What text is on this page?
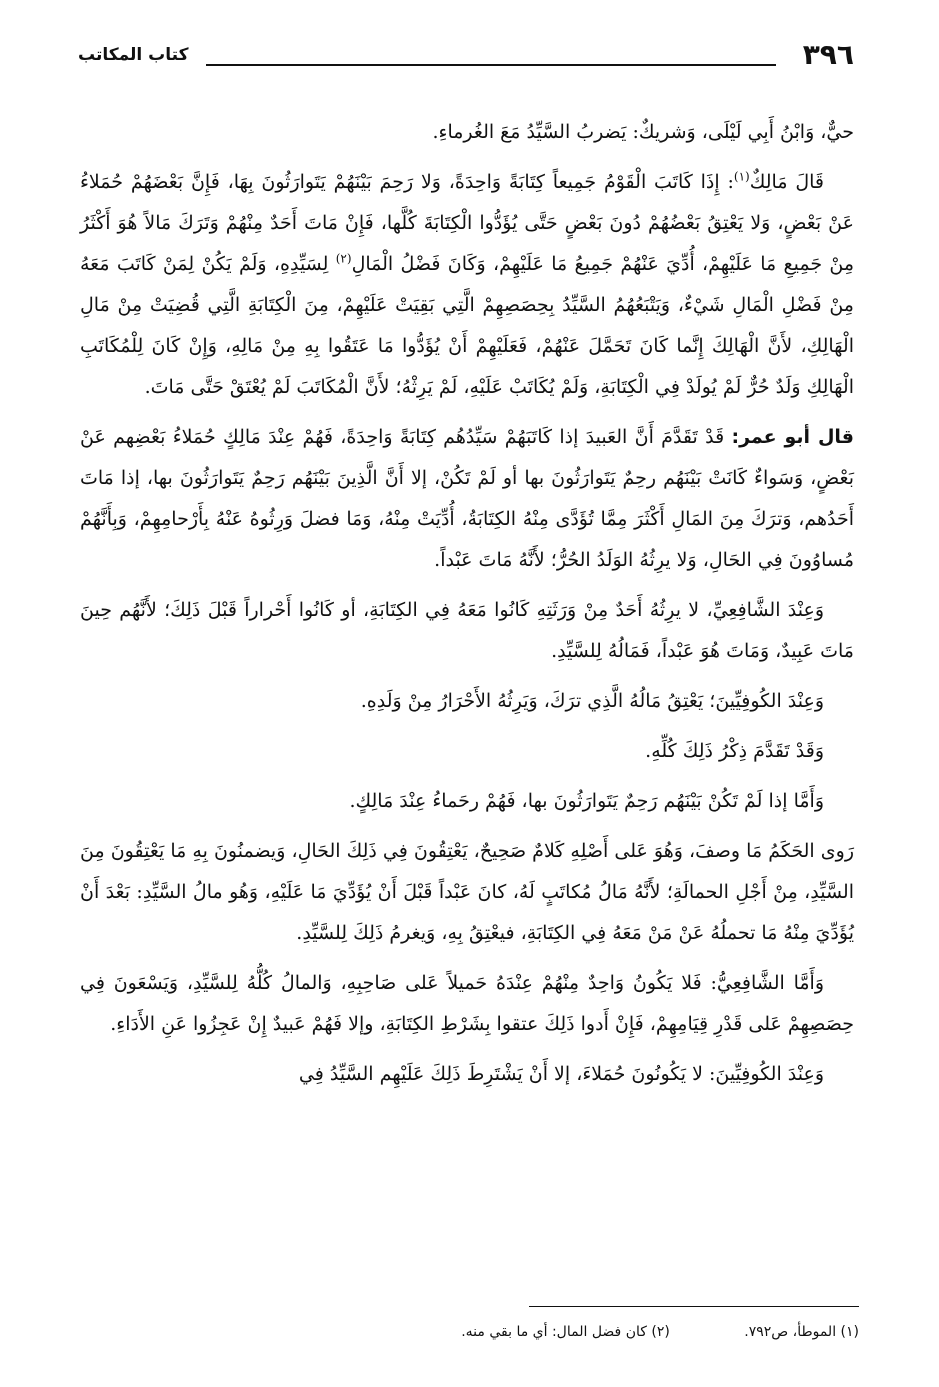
٣٩٦
كتاب المكاتب

حيٌّ، وَابْنُ أَبِي لَيْلَى، وَشريكٌ: يَضربُ السَّيِّدُ مَعَ الغُرماءِ.

قَالَ مَالِكٌ$^{(١)}$: إِذَا كَاتَبَ الْقَوْمُ جَمِيعاً كِتَابَةً وَاحِدَةً، وَلا رَحِمَ بَيْنَهُمْ يَتَوارَثُونَ بِهَا، فَإِنَّ بَعْضَهُمْ حُمَلاءُ عَنْ بَعْضٍ، وَلا يَعْتِقُ بَعْضُهُمْ دُونَ بَعْضٍ حَتَّى يُؤَدُّوا الْكِتَابَةَ كُلَّها، فَإِنْ مَاتَ أَحَدٌ مِنْهُمْ وَتَرَكَ مَالاً هُوَ أَكْثَرُ مِنْ جَمِيعِ مَا عَلَيْهِمْ، أُدِّيَ عَنْهُمْ جَمِيعُ مَا عَلَيْهِمْ، وَكَانَ فَضْلُ الْمَالِ$^{(٢)}$ لِسَيِّدِهِ، وَلَمْ يَكُنْ لِمَنْ كَاتَبَ مَعَهُ مِنْ فَضْلِ الْمَالِ شَيْءٌ، وَيَتْبَعُهُمُ السَّيِّدُ بِحِصَصِهِمْ الَّتِي بَقِيَتْ عَلَيْهِمْ، مِنَ الْكِتَابَةِ الَّتِي قُضِيَتْ مِنْ مَالِ الْهَالِكِ، لأَنَّ الْهَالِكَ إِنَّما كَانَ تَحَمَّلَ عَنْهُمْ، فَعَلَيْهِمْ أَنْ يُؤَدُّوا مَا عَتَقُوا بِهِ مِنْ مَالِهِ، وَإِنْ كَانَ لِلْمُكَاتَبِ الْهَالِكِ وَلَدٌ حُرٌّ لَمْ يُولَدْ فِي الْكِتَابَةِ، وَلَمْ يُكَاتَبْ عَلَيْهِ، لَمْ يَرِثْهُ؛ لأَنَّ الْمُكَاتَبَ لَمْ يُعْتَقْ حَتَّى مَاتَ.

قال أبو عمر: قَدْ تَقَدَّمَ أَنَّ العَبيدَ إذا كَاتَبَهُمْ سَيِّدُهُم كِتَابَةً وَاحِدَةً، فَهُمْ عِنْدَ مَالِكٍ حُمَلاءُ بَعْضِهم عَنْ بَعْضٍ، وَسَواءٌ كَانَتْ بَيْنَهُم رحِمٌ يَتَوارَثُونَ بها أو لَمْ تَكُنْ، إلا أَنَّ الَّذِينَ بَيْنَهُم رَحِمٌ يَتَوارَثُونَ بها، إذا مَاتَ أَحَدُهم، وَترَكَ مِنَ المَالِ أَكْثَرَ مِمَّا تُؤَدَّى مِنْهُ الكِتَابَةُ، أُدِّيَتْ مِنْهُ، وَمَا فضلَ وَرِثُوهُ عَنْهُ بِأَرْحامِهِمْ، وَبِأَنَّهُمْ مُساوُونَ فِي الحَالِ، وَلا يرِثُهُ الوَلَدُ الحُرُّ؛ لأَنَّهُ مَاتَ عَبْداً.

وَعِنْدَ الشَّافِعِيِّ، لا يرِثُهُ أَحَدٌ مِنْ وَرَثَتِهِ كَانُوا مَعَهُ فِي الكِتَابَةِ، أو كَانُوا أَحْراراً قَبْلَ ذَلِكَ؛ لأَنَّهُم حِينَ مَاتَ عَبِيدٌ، وَمَاتَ هُوَ عَبْداً، فَمَالُهُ لِلسَّيِّدِ.

وَعِنْدَ الكُوفِيِّينَ؛ يَعْتِقُ مَالُهُ الَّذِي ترَكَ، وَيَرِثُهُ الأَحْرَارُ مِنْ وَلَدِهِ.

وَقَدْ تَقَدَّمَ ذِكْرُ ذَلِكَ كُلِّهِ.

وَأَمَّا إذا لَمْ تَكُنْ بَيْنَهُم رَحِمٌ يَتَوارَثُونَ بها، فَهُمْ رحَماءُ عِنْدَ مَالِكٍ.

رَوى الحَكَمُ مَا وصفَ، وَهُوَ عَلى أَصْلِهِ كَلامٌ صَحِيحٌ، يَعْتِقُونَ فِي ذَلِكَ الحَالِ، وَيضمنُونَ بِهِ مَا يَعْتِقُونَ مِنَ السَّيِّدِ، مِنْ أَجْلِ الحمالَةِ؛ لأَنَّهُ مَالُ مُكاتَبٍ لَهُ، كانَ عَبْداً قَبْلَ أَنْ يُؤَدِّيَ مَا عَلَيْهِ، وَهُو مالُ السَّيِّدِ: بَعْدَ أَنْ يُؤَدِّيَ مِنْهُ مَا تحملُهُ عَنْ مَنْ مَعَهُ فِي الكِتَابَةِ، فيعْتِقُ بِهِ، وَيغرمُ ذَلِكَ لِلسَّيِّدِ.

وَأَمَّا الشَّافِعِيُّ: فَلا يَكُونُ وَاحِدٌ مِنْهُمْ عِنْدَهُ حَميلاً عَلى صَاحِبِهِ، وَالمالُ كُلُّهُ لِلسَّيِّدِ، وَيَسْعَونَ فِي حِصَصِهِمْ عَلى قَدْرِ قِيَامِهِمْ، فَإِنْ أَدوا ذَلِكَ عتقوا بِشَرْطِ الكِتَابَةِ، وإلا فَهُمْ عَبيدٌ إِنْ عَجِزُوا عَنِ الأَدَاءِ.

وَعِنْدَ الكُوفِيِّينَ: لا يَكُونُونَ حُمَلاءَ، إلا أَنْ يَشْتَرِطَ ذَلِكَ عَلَيْهِم السَّيِّدُ فِي

(١) الموطأ، ص٧٩٢. (٢) كان فضل المال: أي ما بقي منه.
